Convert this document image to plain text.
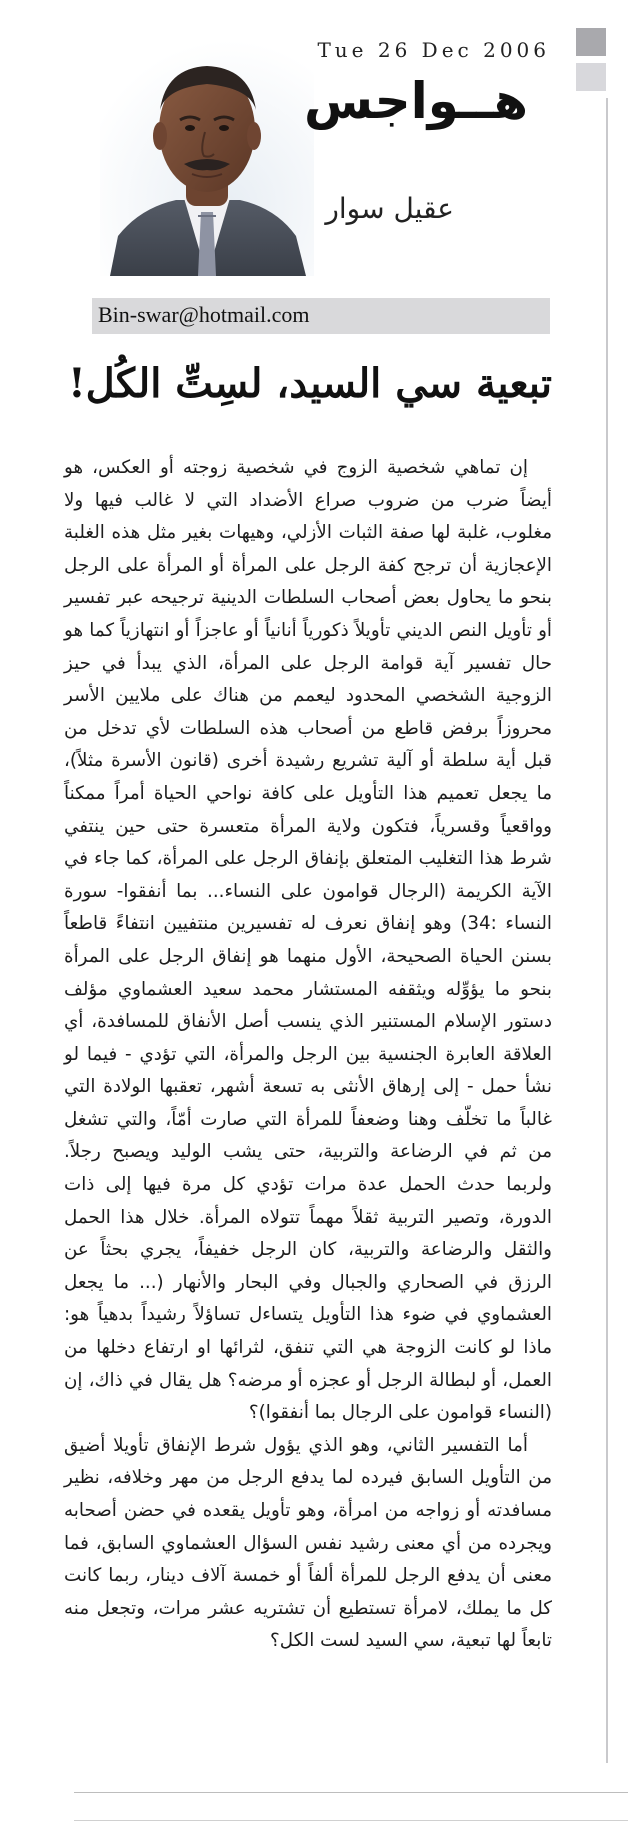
Tue 26 Dec 2006
هــواجس
عقيل سوار
Bin-swar@hotmail.com
تبعية سي السيد، لسِتِّ الكُل!

إن تماهي شخصية الزوج في شخصية زوجته أو العكس، هو أيضاً ضرب من ضروب صراع الأضداد التي لا غالب فيها ولا مغلوب، غلبة لها صفة الثبات الأزلي، وهيهات بغير مثل هذه الغلبة الإعجازية أن ترجح كفة الرجل على المرأة أو المرأة على الرجل بنحو ما يحاول بعض أصحاب السلطات الدينية ترجيحه عبر تفسير أو تأويل النص الديني تأويلاً ذكورياً أنانياً أو عاجزاً أو انتهازياً كما هو حال تفسير آية قوامة الرجل على المرأة، الذي يبدأ في حيز الزوجية الشخصي المحدود ليعمم من هناك على ملايين الأسر محروزاً برفض قاطع من أصحاب هذه السلطات لأي تدخل من قبل أية سلطة أو آلية تشريع رشيدة أخرى (قانون الأسرة مثلاً)، ما يجعل تعميم هذا التأويل على كافة نواحي الحياة أمراً ممكناً وواقعياً وقسرياً، فتكون ولاية المرأة متعسرة حتى حين ينتفي شرط هذا التغليب المتعلق بإنفاق الرجل على المرأة، كما جاء في الآية الكريمة (الرجال قوامون على النساء... بما أنفقوا- سورة النساء :34) وهو إنفاق نعرف له تفسيرين منتفيين انتفاءً قاطعاً بسنن الحياة الصحيحة، الأول منهما هو إنفاق الرجل على المرأة بنحو ما يؤوِّله ويثقفه المستشار محمد سعيد العشماوي مؤلف دستور الإسلام المستنير الذي ينسب أصل الأنفاق للمسافدة، أي العلاقة العابرة الجنسية بين الرجل والمرأة، التي تؤدي - فيما لو نشأ حمل - إلى إرهاق الأنثى به تسعة أشهر، تعقبها الولادة التي غالباً ما تخلّف وهنا وضعفاً للمرأة التي صارت أمّاً، والتي تشغل من ثم في الرضاعة والتربية، حتى يشب الوليد ويصبح رجلاً. ولربما حدث الحمل عدة مرات تؤدي كل مرة فيها إلى ذات الدورة، وتصير التربية ثقلاً مهماً تتولاه المرأة. خلال هذا الحمل والثقل والرضاعة والتربية، كان الرجل خفيفاً، يجري بحثاً عن الرزق في الصحاري والجبال وفي البحار والأنهار (... ما يجعل العشماوي في ضوء هذا التأويل يتساءل تساؤلاً رشيداً بدهياً هو: ماذا لو كانت الزوجة هي التي تنفق، لثرائها او ارتفاع دخلها من العمل، أو لبطالة الرجل أو عجزه أو مرضه؟ هل يقال في ذاك، إن (النساء قوامون على الرجال بما أنفقوا)؟

أما التفسير الثاني، وهو الذي يؤول شرط الإنفاق تأويلا أضيق من التأويل السابق فيرده لما يدفع الرجل من مهر وخلافه، نظير مسافدته أو زواجه من امرأة، وهو تأويل يقعده في حضن أصحابه ويجرده من أي معنى رشيد نفس السؤال العشماوي السابق، فما معنى أن يدفع الرجل للمرأة ألفاً أو خمسة آلاف دينار، ربما كانت كل ما يملك، لامرأة تستطيع أن تشتريه عشر مرات، وتجعل منه تابعاً لها تبعية، سي السيد لست الكل؟
